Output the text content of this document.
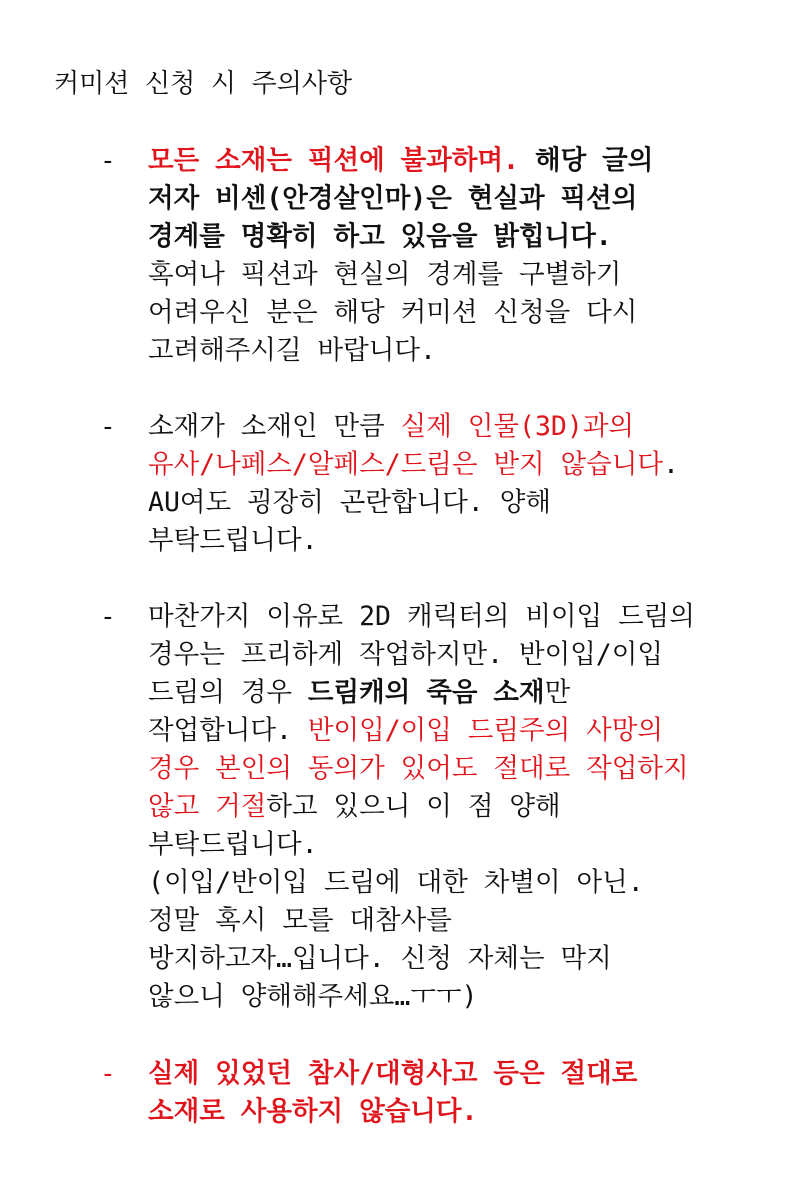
커미션 신청 시 주의사항
- 모든 소재는 픽션에 불과하며. 해당 글의
저자 비센(안경살인마)은 현실과 픽션의
경계를 명확히 하고 있음을 밝힙니다.
혹여나 픽션과 현실의 경계를 구별하기
어려우신 분은 해당 커미션 신청을 다시
고려해주시길 바랍니다.
- 소재가 소재인 만큼 실제 인물(3D)과의
유사/나페스/알페스/드림은 받지 않습니다.
AU여도 굉장히 곤란합니다. 양해
부탁드립니다.
- 마찬가지 이유로 2D 캐릭터의 비이입 드림의
경우는 프리하게 작업하지만. 반이입/이입
드림의 경우 드림캐의 죽음 소재만
작업합니다. 반이입/이입 드림주의 사망의
경우 본인의 동의가 있어도 절대로 작업하지
않고 거절하고 있으니 이 점 양해
부탁드립니다.
(이입/반이입 드림에 대한 차별이 아닌.
정말 혹시 모를 대참사를
방지하고자…입니다. 신청 자체는 막지
않으니 양해해주세요…ㅜㅜ)
- 실제 있었던 참사/대형사고 등은 절대로
소재로 사용하지 않습니다.
